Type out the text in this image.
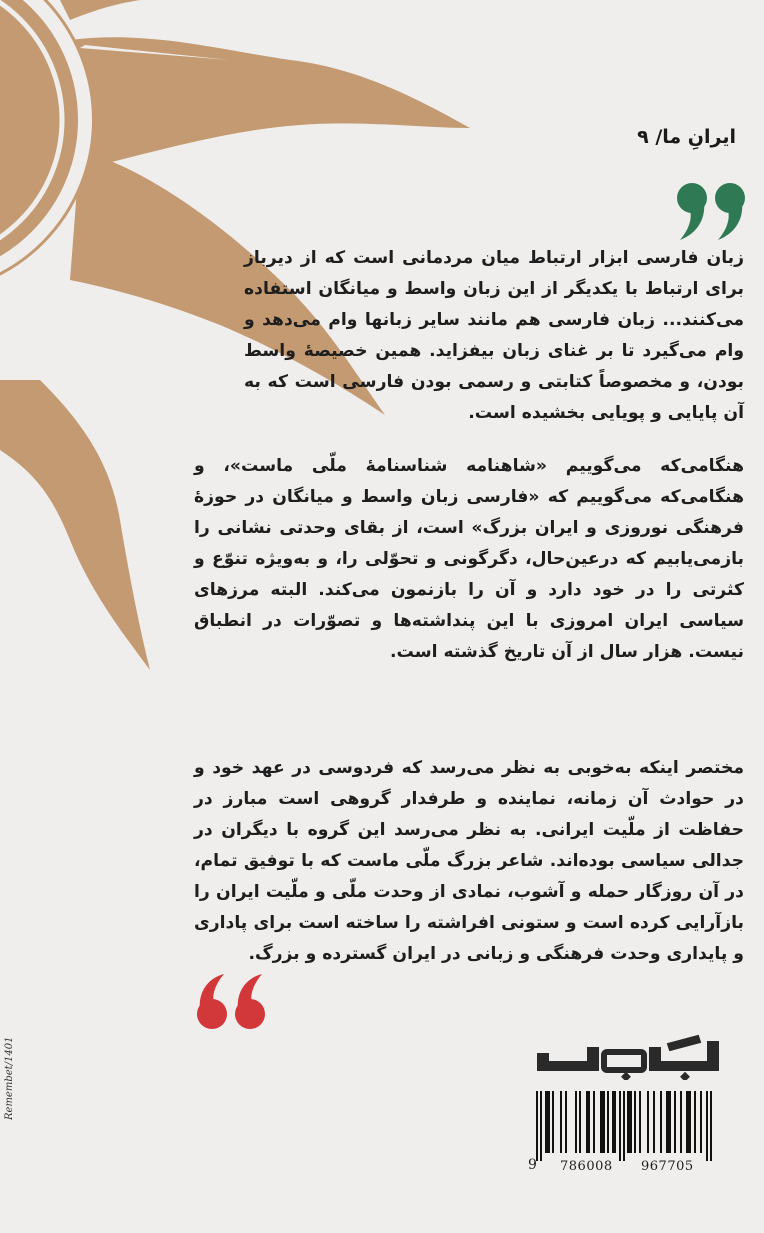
ایرانِ ما/ ۹

زبان فارسی ابزار ارتباط میان مردمانی است که از دیرباز برای ارتباط با یکدیگر از این زبان واسط و میانگان استفاده می‌کنند... زبان فارسی هم مانند سایر زبانها وام می‌دهد و وام می‌گیرد تا بر غنای زبان بیفزاید. همین خصیصهٔ واسط بودن، و مخصوصاً کتابتی و رسمی بودن فارسی است که به آن پایایی و پویایی بخشیده است.

هنگامی‌که می‌گوییم «شاهنامه شناسنامهٔ ملّی ماست»، و هنگامی‌که می‌گوییم که «فارسی زبان واسط و میانگان در حوزهٔ فرهنگی نوروزی و ایران بزرگ» است، از بقای وحدتی نشانی را بازمی‌یابیم که درعین‌حال، دگرگونی و تحوّلی را، و به‌ویژه تنوّع و کثرتی را در خود دارد و آن را بازنمون می‌کند. البته مرزهای سیاسی ایران امروزی با این پنداشته‌ها و تصوّرات در انطباق نیست. هزار سال از آن تاریخ گذشته است.

مختصر اینکه به‌خوبی به نظر می‌رسد که فردوسی در عهد خود و در حوادث آن زمانه، نماینده و طرفدار گروهی است مبارز در حفاظت از ملّیت ایرانی. به نظر می‌رسد این گروه با دیگران در جدالی سیاسی بوده‌اند. شاعر بزرگ ملّی ماست که با توفیق تمام، در آن روزگار حمله و آشوب، نمادی از وحدت ملّی و ملّیت ایران را بازآرایی کرده است و ستونی افراشته را ساخته است برای پاداری و پایداری وحدت فرهنگی و زبانی در ایران گسترده و بزرگ.

9 786008 967705
Remembet/1401
